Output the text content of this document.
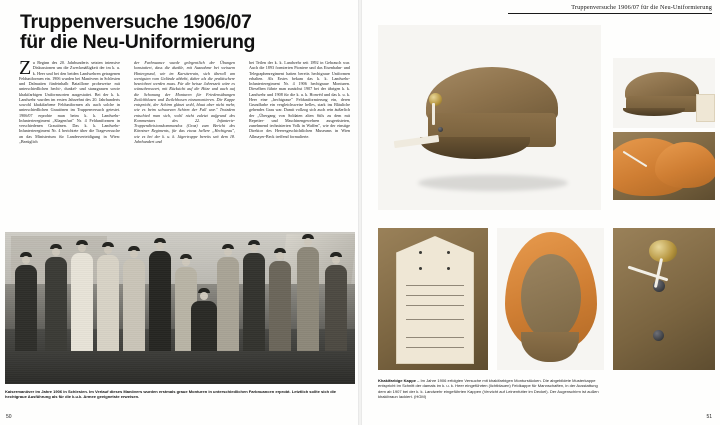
Truppenversuche 1906/07
für die Neu-Uniformierung
Zu Beginn des 20. Jahrhunderts setzten intensive Diskussionen um die Zweckmäßigkeit der im k. u. k. Heer und bei den beiden Landwehren getragenen Felduniformen ein. 1906 wurden bei Manövern in Schlesien und Dalmatien fünfeinhalb Bataillone probeweise mit unterschiedlichen hecht-, dunkel- und stanzgrauen sowie khakifarbigen Uniformsorten ausgestattet. Bei der k. k. Landwehr wurden im ersten Jahrzehnt des 20. Jahrhunderts sowohl khakifarbene Felduniformen als auch solche in unterschiedlichen Grautönen im Truppenversuch getestet. 1906/07 erprobte man beim k. k. Landwehr-Infanterieregiment „Klagenfurt" Nr. 4 Felduniformen in verschiedenen Grautönen. Das k. k. Landwehr-Infanterieregiment Nr. 4 berichtete über die Trageversuche an das Ministerium für Landesverteidigung in Wien: „Bezüglich
der Farbnuance wurde gelegentlich der Übungen konstatiert, dass die dunkle, mit Ausnahme bei weissem Hintergrund, wie im Karstterrain, sich überall am wenigsten vom Gelände abhebt, daher als die praktischere bezeichnet werden muss. Für die heisse Jahreszeit wäre es wünschenswert, mit Rücksicht auf die Hitze und auch auf die Schonung der Monturen für Friedensübungen Zwilchblusen und Zwilchhosen einzumontieren. Die Kappe entspricht, der Schirm glänzt wohl, blaut aber nicht mehr, wie es beim schwarzen Schirm der Fall war." Trotzdem entschied man sich, wohl nicht zuletzt aufgrund des Kommentars des 22. Infanterie-Truppendivisionskommandos (Graz) zum Bericht des Kärntner Regiments, für das etwas hellere „Hechtgrau", wie es bei der k. u. k. Jägertruppe bereits seit dem 18. Jahrhundert und
bei Teilen der k. k. Landwehr seit 1892 in Gebrauch war. Auch die 1893 formierten Pioniere und das Eisenbahn- und Telegraphenregiment hatten bereits hechtgraue Uniformen erhalten. Als Erstes bekam das k. k. Landwehr-Infanterieregiment Nr. 4 1906 hechtgraue Monturen. Dieselben führte man zunächst 1907 bei der übrigen k. k. Landwehr und 1908 für die k. u. k. Honvéd und das k. u. k. Heer eine „hechtgraue" Felduniformierung ein, deren Grundfarbe ein vergleichsweise helles, stark ins Bläuliche gehendes Grau war. Damit vollzog sich auch rein äußerlich der „Übergang von Soldaten alten Stils zu dem mit Repetier- und Maschinengewehren ausgerüsteten, zunehmend technisierten Volk in Waffen", wie der einstige Direktor des Heeresgeschichtlichen Museums in Wien Allmayer-Beck treffend formulierte.
Kaisermanöver im Jahre 1906 in Schlesien. Im Verlauf dieses Manövers wurden erstmals graue Monturen in unterschiedlichen Farbnuancen erprobt. Letztlich sollte sich die hechtgraue Ausführung als für die k.u.k. Armee geeignetste erweisen.
50
Truppenversuche 1906/07 für die Neu-Uniformierung
51
Khakifarbige Kappe – Im Jahre 1906 erfolgten Versuche mit khakifarbigen Monturstücken. Die abgebildete Musterkappe entspricht im Schnitt der damals im k. u. k. Heer eingeführten (lichtblauen) Feldkappe für Mannschaften, in der Ausstattung dem ab 1907 bei der k. k. Landwehr eingeführten Kappen (Verzicht auf Leinenfutter im Deckel). Der Augenschirm ist außen khakibraun lackiert. (HGM)
